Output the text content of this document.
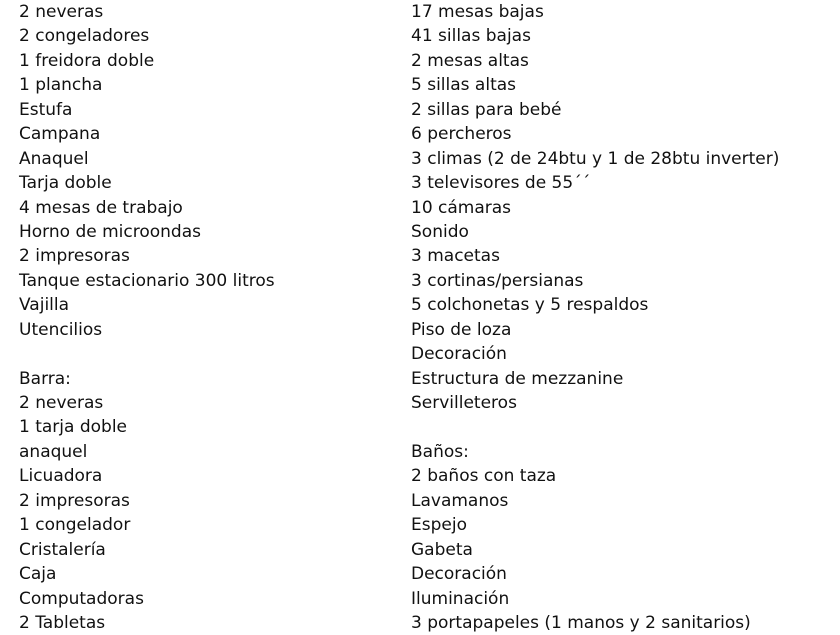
2 neveras
2 congeladores
1 freidora doble
1 plancha
Estufa
Campana
Anaquel
Tarja doble
4 mesas de trabajo
Horno de microondas
2 impresoras
Tanque estacionario 300 litros
Vajilla
Utencilios
Barra:
2 neveras
1 tarja doble
anaquel
Licuadora
2 impresoras
1 congelador
Cristalería
Caja
Computadoras
2 Tabletas
17 mesas bajas
41 sillas bajas
2 mesas altas
5 sillas altas
2 sillas para bebé
6 percheros
3 climas (2 de 24btu y 1 de 28btu inverter)
3 televisores de 55´´
10 cámaras
Sonido
3 macetas
3 cortinas/persianas
5 colchonetas y 5 respaldos
Piso de loza
Decoración
Estructura de mezzanine
Servilleteros
Baños:
2 baños con taza
Lavamanos
Espejo
Gabeta
Decoración
Iluminación
3 portapapeles (1 manos y 2 sanitarios)
